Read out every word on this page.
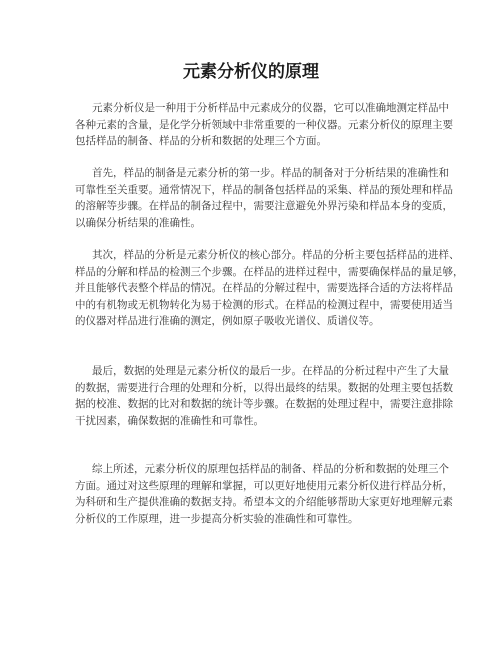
元素分析仪的原理
元素分析仪是一种用于分析样品中元素成分的仪器，它可以准确地测定样品中
各种元素的含量，是化学分析领域中非常重要的一种仪器。元素分析仪的原理主要
包括样品的制备、样品的分析和数据的处理三个方面。
首先，样品的制备是元素分析的第一步。样品的制备对于分析结果的准确性和
可靠性至关重要。通常情况下，样品的制备包括样品的采集、样品的预处理和样品
的溶解等步骤。在样品的制备过程中，需要注意避免外界污染和样品本身的变质，
以确保分析结果的准确性。
其次，样品的分析是元素分析仪的核心部分。样品的分析主要包括样品的进样、
样品的分解和样品的检测三个步骤。在样品的进样过程中，需要确保样品的量足够，
并且能够代表整个样品的情况。在样品的分解过程中，需要选择合适的方法将样品
中的有机物或无机物转化为易于检测的形式。在样品的检测过程中，需要使用适当
的仪器对样品进行准确的测定，例如原子吸收光谱仪、质谱仪等。
最后，数据的处理是元素分析仪的最后一步。在样品的分析过程中产生了大量
的数据，需要进行合理的处理和分析，以得出最终的结果。数据的处理主要包括数
据的校准、数据的比对和数据的统计等步骤。在数据的处理过程中，需要注意排除
干扰因素，确保数据的准确性和可靠性。
综上所述，元素分析仪的原理包括样品的制备、样品的分析和数据的处理三个
方面。通过对这些原理的理解和掌握，可以更好地使用元素分析仪进行样品分析，
为科研和生产提供准确的数据支持。希望本文的介绍能够帮助大家更好地理解元素
分析仪的工作原理，进一步提高分析实验的准确性和可靠性。
